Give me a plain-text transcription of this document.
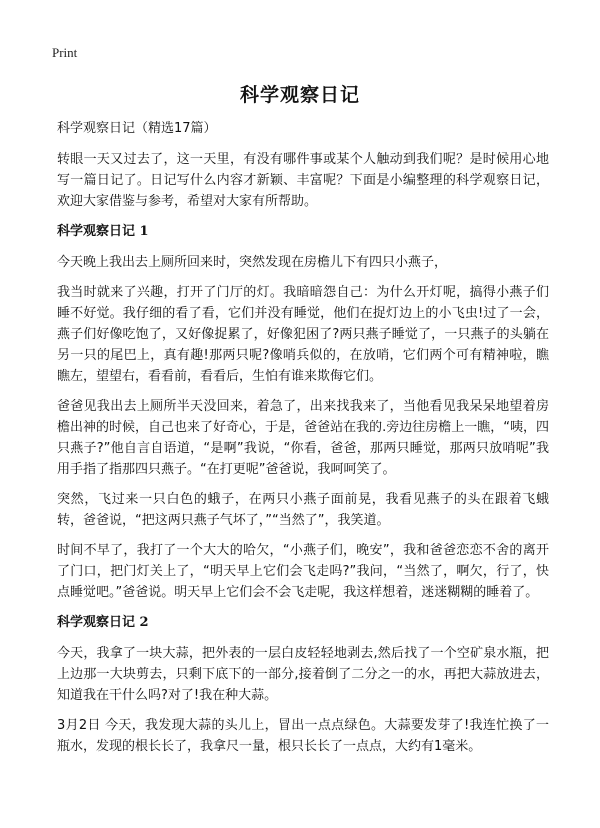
Print
科学观察日记

科学观察日记（精选17篇）

转眼一天又过去了，这一天里，有没有哪件事或某个人触动到我们呢？是时候用心地写一篇日记了。日记写什么内容才新颖、丰富呢？下面是小编整理的科学观察日记，欢迎大家借鉴与参考，希望对大家有所帮助。

科学观察日记 1

今天晚上我出去上厕所回来时，突然发现在房檐儿下有四只小燕子，

我当时就来了兴趣，打开了门厅的灯。我暗暗怨自己：为什么开灯呢，搞得小燕子们睡不好觉。我仔细的看了看，它们并没有睡觉，他们在捉灯边上的小飞虫!过了一会，燕子们好像吃饱了，又好像捉累了，好像犯困了?两只燕子睡觉了，一只燕子的头躺在另一只的尾巴上，真有趣!那两只呢?像哨兵似的，在放哨，它们两个可有精神啦，瞧瞧左，望望右，看看前，看看后，生怕有谁来欺侮它们。

爸爸见我出去上厕所半天没回来，着急了，出来找我来了，当他看见我呆呆地望着房檐出神的时候，自己也来了好奇心，于是，爸爸站在我的.旁边往房檐上一瞧，“咦，四只燕子?”他自言自语道，“是啊”我说，“你看，爸爸，那两只睡觉，那两只放哨呢”我用手指了指那四只燕子。“在打更呢”爸爸说，我呵呵笑了。

突然，飞过来一只白色的蛾子，在两只小燕子面前晃，我看见燕子的头在跟着飞蛾转，爸爸说，“把这两只燕子气坏了，”“当然了”，我笑道。

时间不早了，我打了一个大大的哈欠，“小燕子们，晚安”，我和爸爸恋恋不舍的离开了门口，把门灯关上了，“明天早上它们会飞走吗?”我问，“当然了，啊欠，行了，快点睡觉吧。”爸爸说。明天早上它们会不会飞走呢，我这样想着，迷迷糊糊的睡着了。

科学观察日记 2

今天，我拿了一块大蒜，把外表的一层白皮轻轻地剥去,然后找了一个空矿泉水瓶，把上边那一大块剪去，只剩下底下的一部分,接着倒了二分之一的水，再把大蒜放进去，知道我在干什么吗?对了!我在种大蒜。

3月2日 今天，我发现大蒜的头儿上，冒出一点点绿色。大蒜要发芽了!我连忙换了一瓶水，发现的根长长了，我拿尺一量，根只长长了一点点，大约有1毫米。
